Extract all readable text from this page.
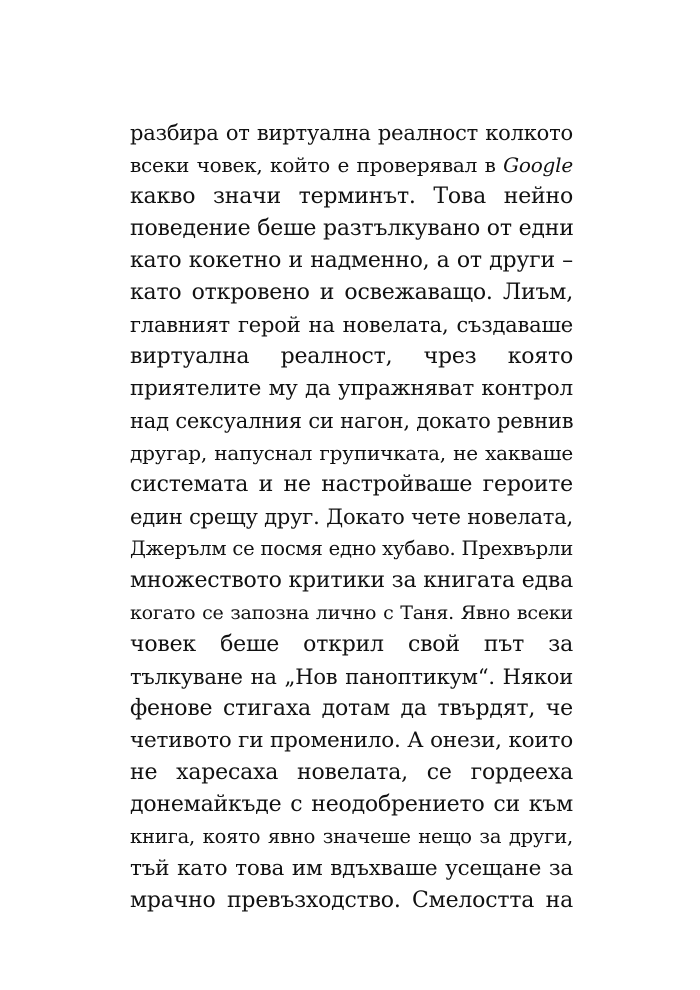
разбира от виртуална реалност колкото
всеки човек, който е проверявал в Google
какво значи терминът. Това нейно
поведение беше разтълкувано от едни
като кокетно и надменно, а от други –
като откровено и освежаващо. Лиъм,
главният герой на новелата, създаваше
виртуална реалност, чрез която
приятелите му да упражняват контрол
над сексуалния си нагон, докато ревнив
другар, напуснал групичката, не хакваше
системата и не настройваше героите
един срещу друг. Докато чете новелата,
Джерълм се посмя едно хубаво. Прехвърли
множеството критики за книгата едва
когато се запозна лично с Таня. Явно всеки
човек беше открил свой път за
тълкуване на „Нов паноптикум“. Някои
фенове стигаха дотам да твърдят, че
четивото ги променило. А онези, които
не харесаха новелата, се гордееха
донемайкъде с неодобрението си към
книга, която явно значеше нещо за други,
тъй като това им вдъхваше усещане за
мрачно превъзходство. Смелостта на
